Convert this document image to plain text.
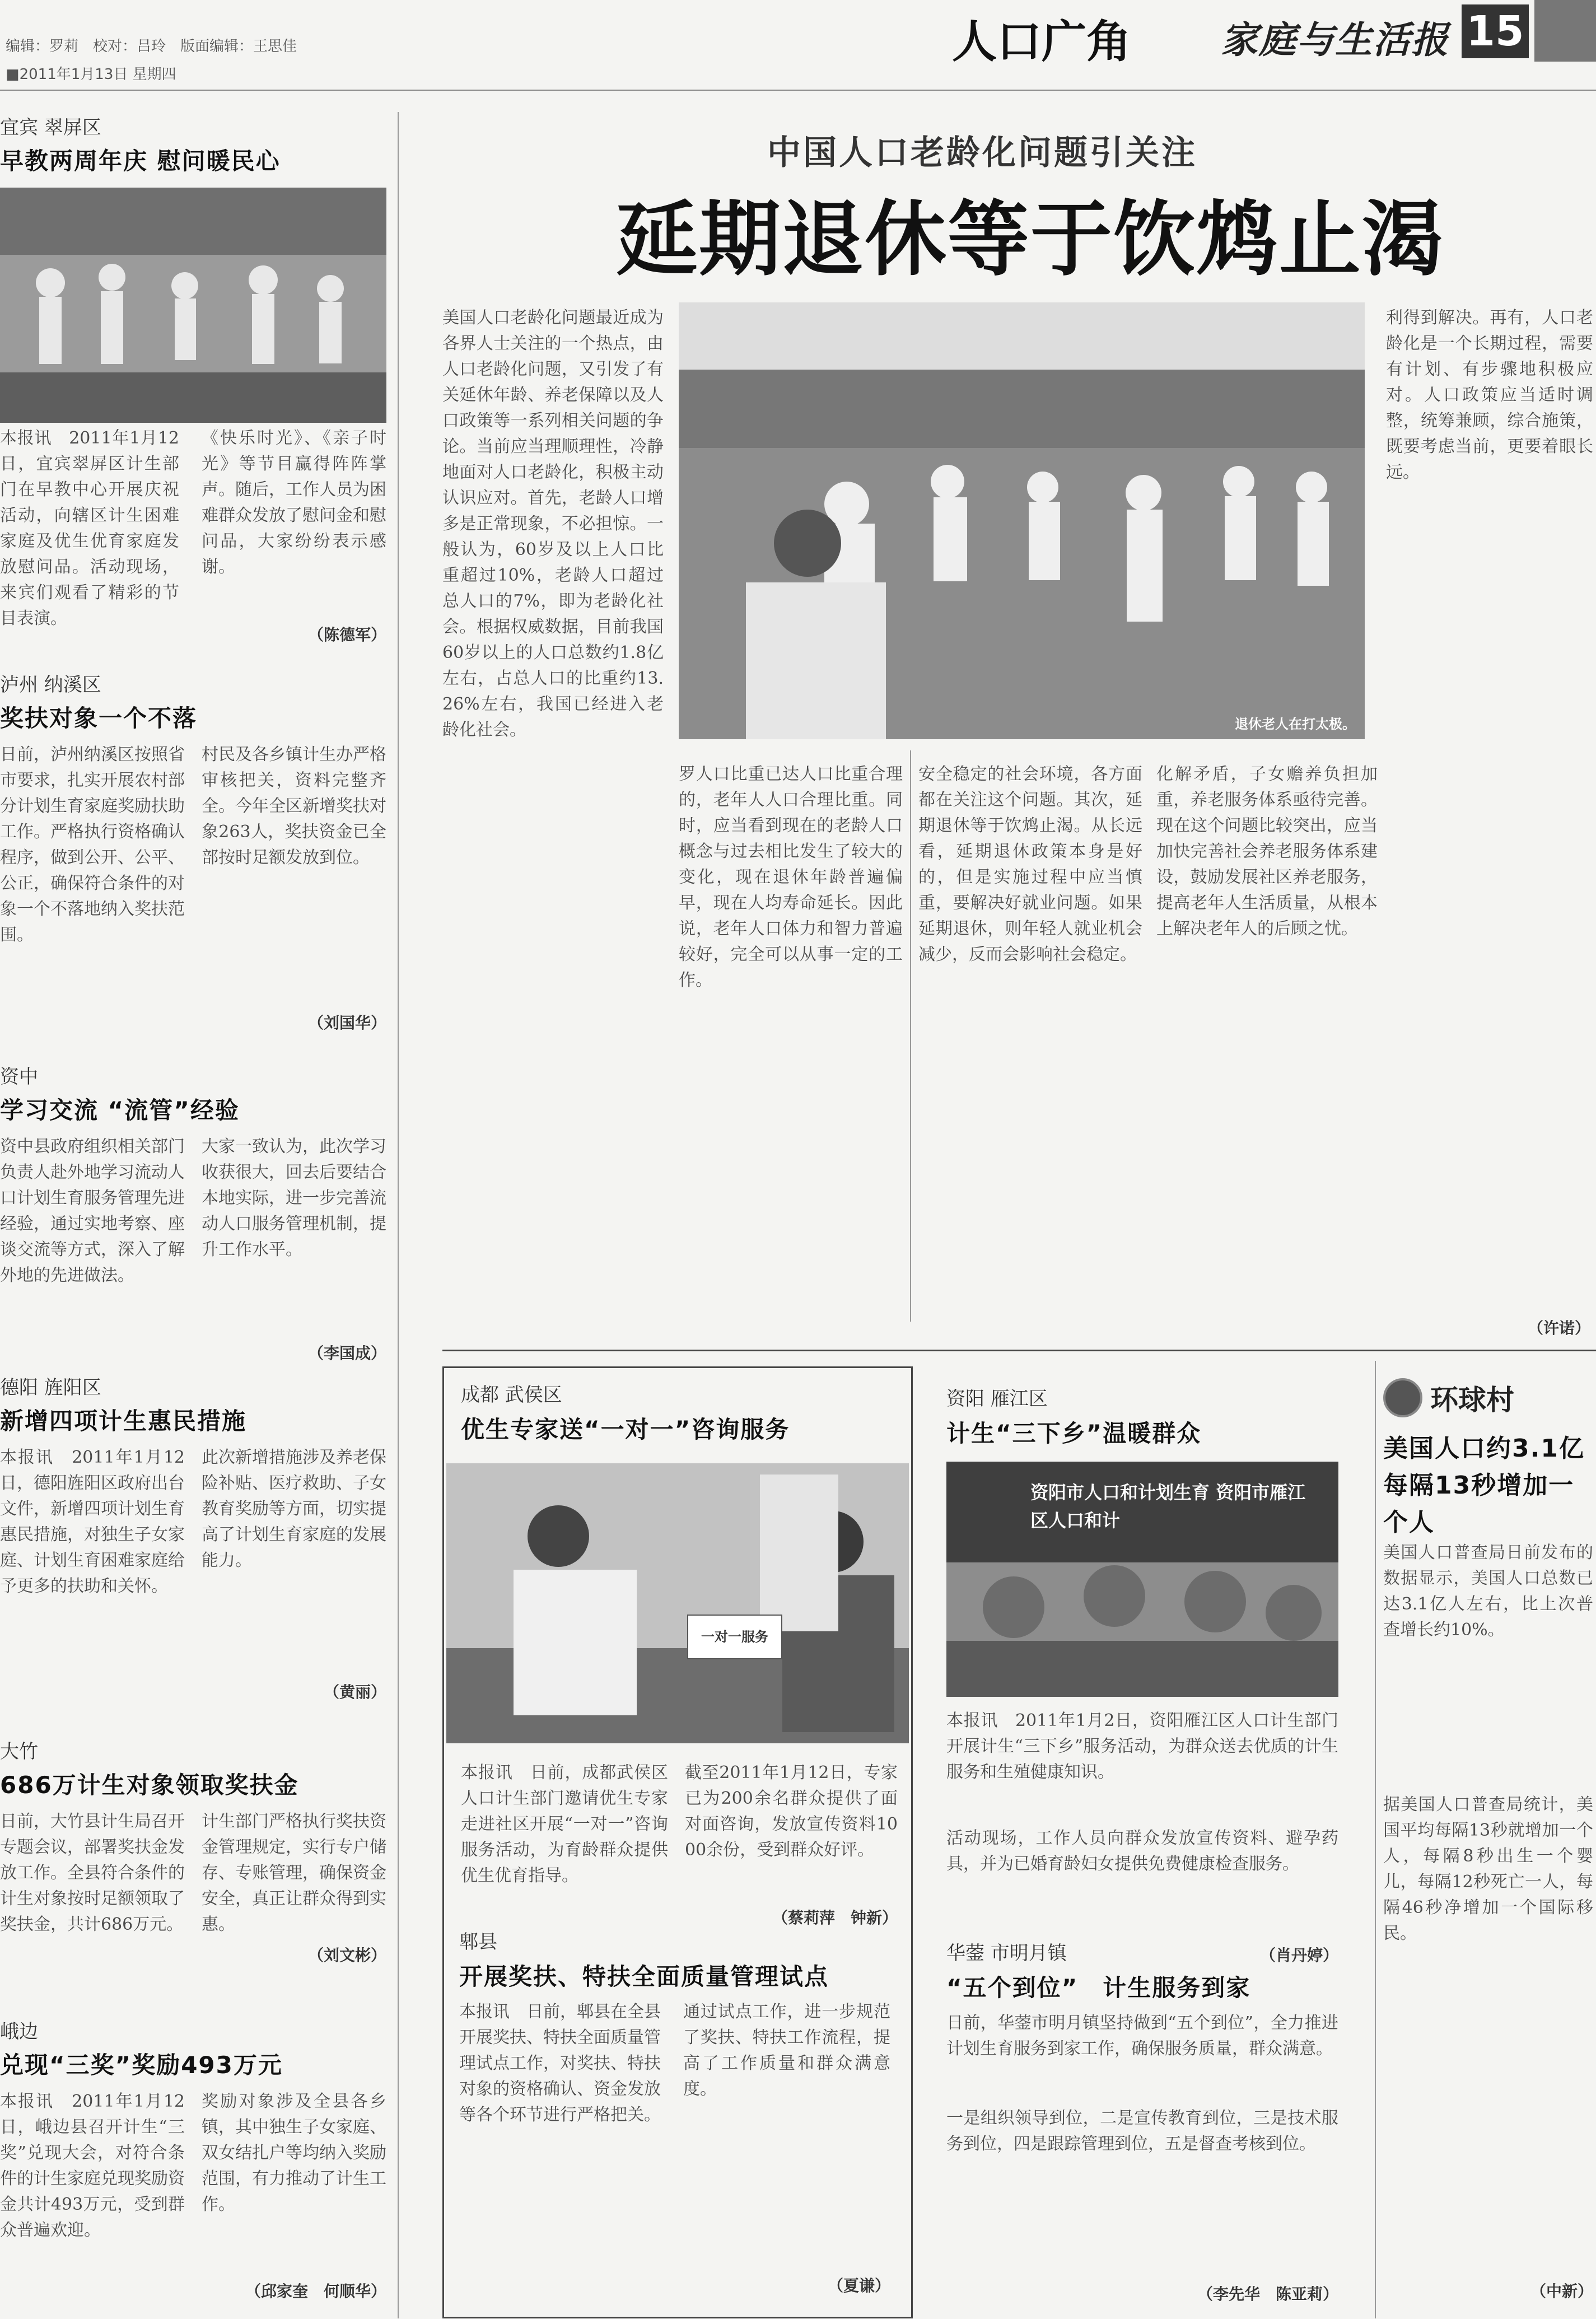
编辑：罗莉　校对：吕玲　版面编辑：王思佳
■2011年1月13日 星期四
人口广角 家庭与生活报 15
宜宾 翠屏区
早教两周年庆 慰问暖民心
本报讯　2011年1月12日，宜宾翠屏区计生部门在早教中心开展庆祝活动，向辖区计生困难家庭及优生优育家庭发放慰问品。活动现场，来宾们观看了精彩的节目表演。
《快乐时光》、《亲子时光》等节目赢得阵阵掌声。随后，工作人员为困难群众发放了慰问金和慰问品，大家纷纷表示感谢。
（陈德军）
泸州 纳溪区
奖扶对象一个不落
日前，泸州纳溪区按照省市要求，扎实开展农村部分计划生育家庭奖励扶助工作。严格执行资格确认程序，做到公开、公平、公正，确保符合条件的对象一个不落地纳入奖扶范围。
村民及各乡镇计生办严格审核把关，资料完整齐全。今年全区新增奖扶对象263人，奖扶资金已全部按时足额发放到位。
（刘国华）
资中
学习交流 “流管”经验
资中县政府组织相关部门负责人赴外地学习流动人口计划生育服务管理先进经验，通过实地考察、座谈交流等方式，深入了解外地的先进做法。
大家一致认为，此次学习收获很大，回去后要结合本地实际，进一步完善流动人口服务管理机制，提升工作水平。
（李国成）
德阳 旌阳区
新增四项计生惠民措施
本报讯　2011年1月12日，德阳旌阳区政府出台文件，新增四项计划生育惠民措施，对独生子女家庭、计划生育困难家庭给予更多的扶助和关怀。
此次新增措施涉及养老保险补贴、医疗救助、子女教育奖励等方面，切实提高了计划生育家庭的发展能力。
（黄丽）
大竹
686万计生对象领取奖扶金
日前，大竹县计生局召开专题会议，部署奖扶金发放工作。全县符合条件的计生对象按时足额领取了奖扶金，共计686万元。
计生部门严格执行奖扶资金管理规定，实行专户储存、专账管理，确保资金安全，真正让群众得到实惠。
（刘文彬）
峨边
兑现“三奖”奖励493万元
本报讯　2011年1月12日，峨边县召开计生“三奖”兑现大会，对符合条件的计生家庭兑现奖励资金共计493万元，受到群众普遍欢迎。
奖励对象涉及全县各乡镇，其中独生子女家庭、双女结扎户等均纳入奖励范围，有力推动了计生工作。
（邱家奎　何顺华）
中国人口老龄化问题引关注
延期退休等于饮鸩止渴
退休老人在打太极。
美国人口老龄化问题最近成为各界人士关注的一个热点，由人口老龄化问题，又引发了有关延休年龄、养老保障以及人口政策等一系列相关问题的争论。当前应当理顺理性，冷静地面对人口老龄化，积极主动认识应对。首先，老龄人口增多是正常现象，不必担惊。一般认为，60岁及以上人口比重超过10%，老龄人口超过总人口的7%，即为老龄化社会。根据权威数据，目前我国60岁以上的人口总数约1.8亿左右，占总人口的比重约13.26%左右，我国已经进入老龄化社会。
罗人口比重已达人口比重合理的，老年人人口合理比重。同时，应当看到现在的老龄人口概念与过去相比发生了较大的变化，现在退休年龄普遍偏早，现在人均寿命延长。因此说，老年人口体力和智力普遍较好，完全可以从事一定的工作。
安全稳定的社会环境，各方面都在关注这个问题。其次，延期退休等于饮鸩止渴。从长远看，延期退休政策本身是好的，但是实施过程中应当慎重，要解决好就业问题。如果延期退休，则年轻人就业机会减少，反而会影响社会稳定。
化解矛盾，子女赡养负担加重，养老服务体系亟待完善。现在这个问题比较突出，应当加快完善社会养老服务体系建设，鼓励发展社区养老服务，提高老年人生活质量，从根本上解决老年人的后顾之忧。
利得到解决。再有，人口老龄化是一个长期过程，需要有计划、有步骤地积极应对。人口政策应当适时调整，统筹兼顾，综合施策，既要考虑当前，更要着眼长远。
（许诺）
成都 武侯区
优生专家送“一对一”咨询服务
一对一服务
本报讯　日前，成都武侯区人口计生部门邀请优生专家走进社区开展“一对一”咨询服务活动，为育龄群众提供优生优育指导。
截至2011年1月12日，专家已为200余名群众提供了面对面咨询，发放宣传资料1000余份，受到群众好评。
（蔡莉萍　钟新）
郫县
开展奖扶、特扶全面质量管理试点
本报讯　日前，郫县在全县开展奖扶、特扶全面质量管理试点工作，对奖扶、特扶对象的资格确认、资金发放等各个环节进行严格把关。
通过试点工作，进一步规范了奖扶、特扶工作流程，提高了工作质量和群众满意度。
（夏谦）
资阳 雁江区
计生“三下乡”温暖群众
资阳市人口和计划生育 资阳市雁江区人口和计
本报讯　2011年1月2日，资阳雁江区人口计生部门开展计生“三下乡”服务活动，为群众送去优质的计生服务和生殖健康知识。
活动现场，工作人员向群众发放宣传资料、避孕药具，并为已婚育龄妇女提供免费健康检查服务。
（肖丹婷）
华蓥 市明月镇
“五个到位”　计生服务到家
日前，华蓥市明月镇坚持做到“五个到位”，全力推进计划生育服务到家工作，确保服务质量，群众满意。
一是组织领导到位，二是宣传教育到位，三是技术服务到位，四是跟踪管理到位，五是督查考核到位。
（李先华　陈亚莉）
环球村
美国人口约3.1亿 每隔13秒增加一个人
美国人口普查局日前发布的数据显示，美国人口总数已达3.1亿人左右，比上次普查增长约10%。
据美国人口普查局统计，美国平均每隔13秒就增加一个人，每隔8秒出生一个婴儿，每隔12秒死亡一人，每隔46秒净增加一个国际移民。
（中新）
